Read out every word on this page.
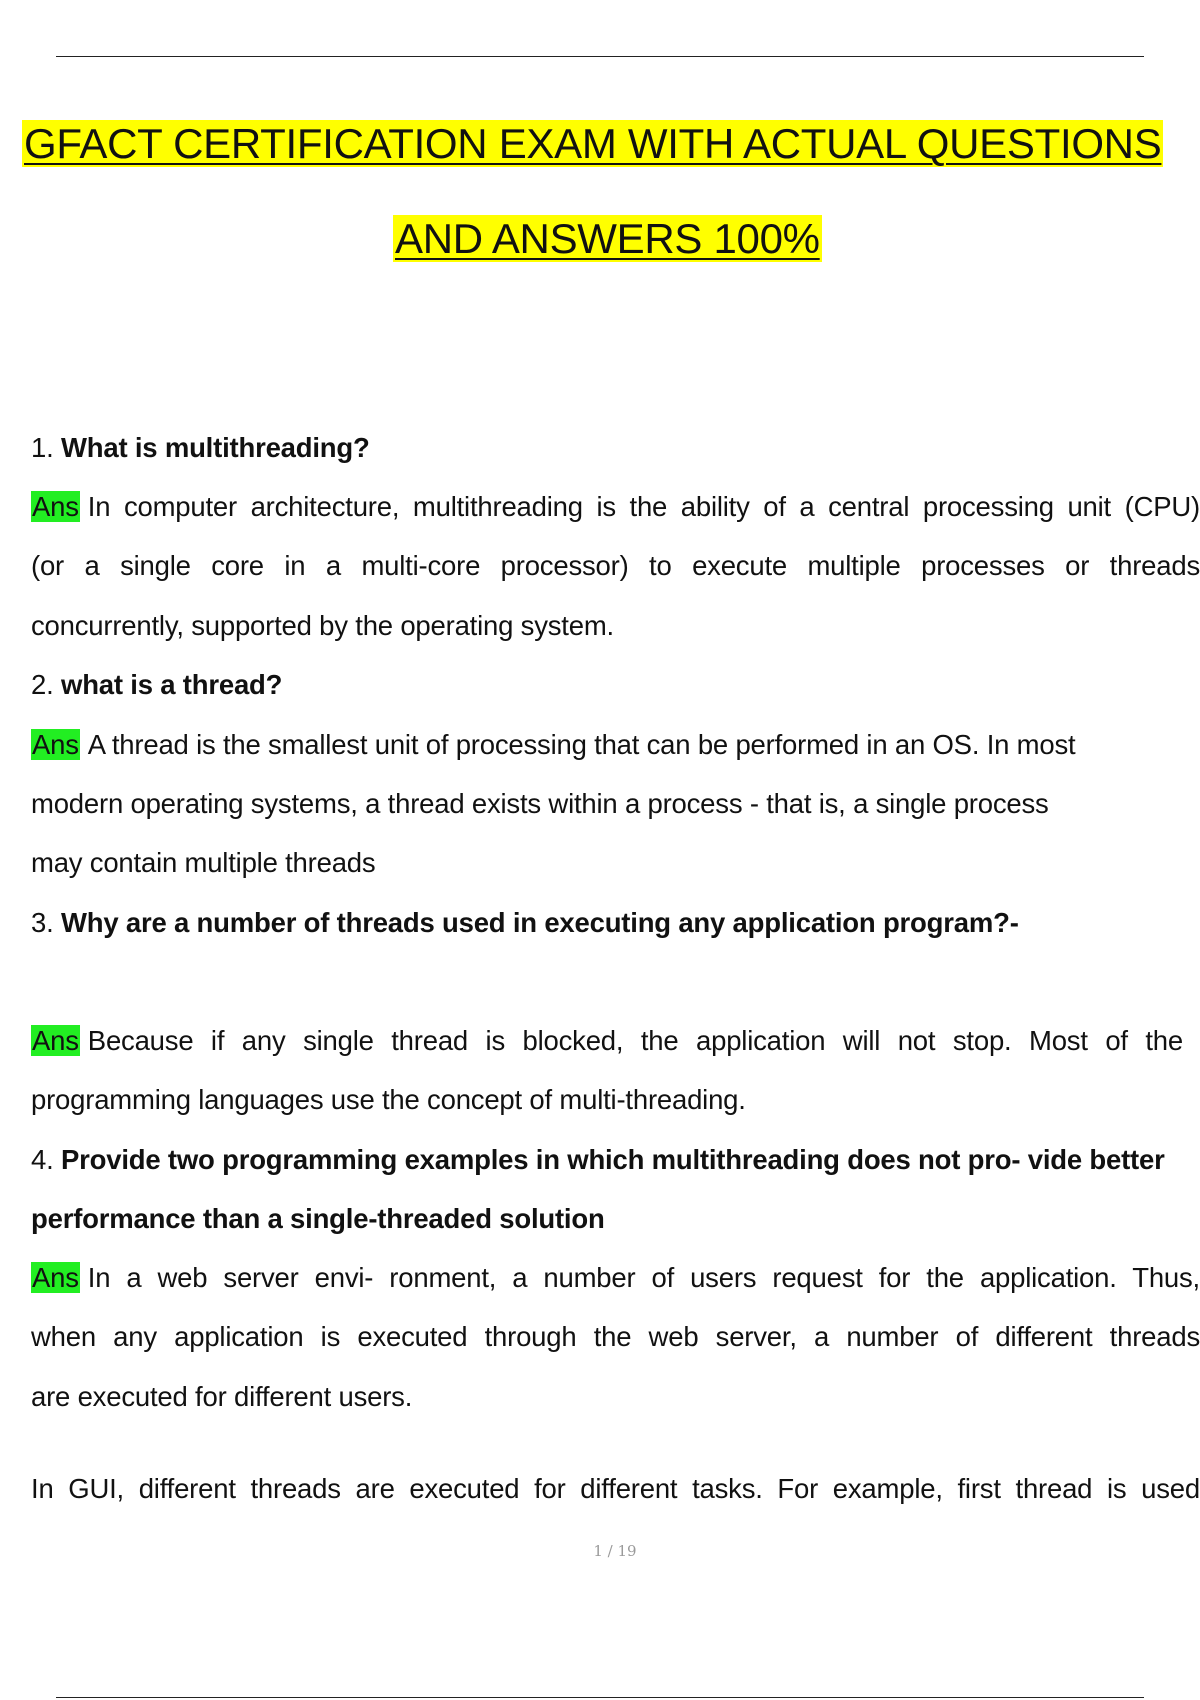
GFACT CERTIFICATION EXAM WITH ACTUAL QUESTIONS
AND ANSWERS 100%
1. What is multithreading?
Ans In computer architecture, multithreading is the ability of a central processing unit (CPU)
(or a single core in a multi-core processor) to execute multiple processes or threads
concurrently, supported by the operating system.
2. what is a thread?
Ans A thread is the smallest unit of processing that can be performed in an OS. In most
modern operating systems, a thread exists within a process - that is, a single process
may contain multiple threads
3. Why are a number of threads used in executing any application program?-
Ans Because if any single thread is blocked, the application will not stop. Most of the
programming languages use the concept of multi-threading.
4. Provide two programming examples in which multithreading does not pro- vide better
performance than a single-threaded solution
Ans In a web server envi- ronment, a number of users request for the application. Thus,
when any application is executed through the web server, a number of different threads
are executed for different users.
In GUI, different threads are executed for different tasks. For example, first thread is used
1 / 19
